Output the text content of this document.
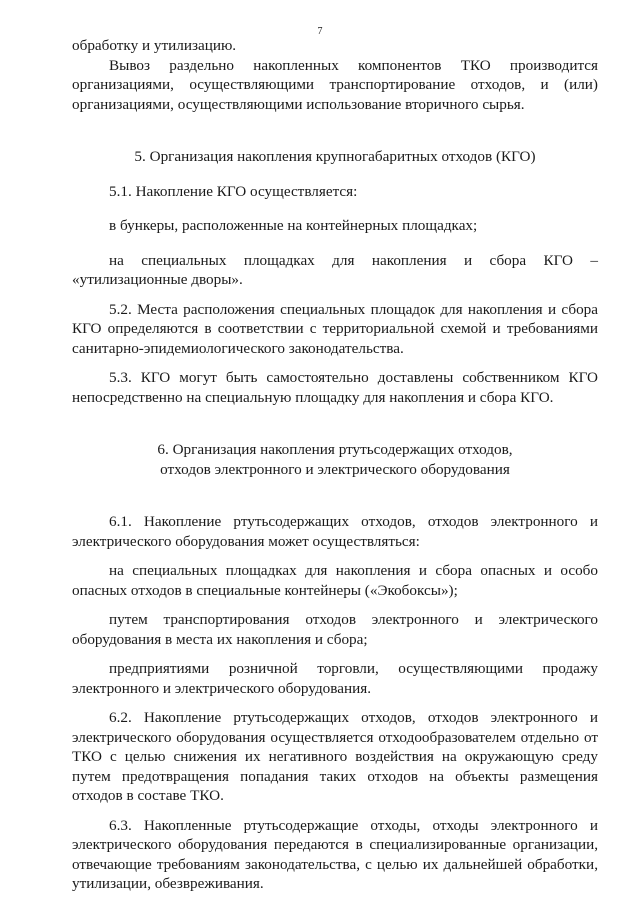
7

обработку и утилизацию.

Вывоз раздельно накопленных компонентов ТКО производится организациями, осуществляющими транспортирование отходов, и (или) организациями, осуществляющими использование вторичного сырья.

5. Организация накопления крупногабаритных отходов (КГО)

5.1. Накопление КГО осуществляется:

в бункеры, расположенные на контейнерных площадках;

на специальных площадках для накопления и сбора КГО – «утилизационные дворы».

5.2. Места расположения специальных площадок для накопления и сбора КГО определяются в соответствии с территориальной схемой и требованиями санитарно-эпидемиологического законодательства.

5.3. КГО могут быть самостоятельно доставлены собственником КГО непосредственно на специальную площадку для накопления и сбора КГО.

6. Организация накопления ртутьсодержащих отходов, отходов электронного и электрического оборудования

6.1. Накопление ртутьсодержащих отходов, отходов электронного и электрического оборудования может осуществляться:

на специальных площадках для накопления и сбора опасных и особо опасных отходов в специальные контейнеры («Экобоксы»);

путем транспортирования отходов электронного и электрического оборудования в места их накопления и сбора;

предприятиями розничной торговли, осуществляющими продажу электронного и электрического оборудования.

6.2. Накопление ртутьсодержащих отходов, отходов электронного и электрического оборудования осуществляется отходообразователем отдельно от ТКО с целью снижения их негативного воздействия на окружающую среду путем предотвращения попадания таких отходов на объекты размещения отходов в составе ТКО.

6.3. Накопленные ртутьсодержащие отходы, отходы электронного и электрического оборудования передаются в специализированные организации, отвечающие требованиям законодательства, с целью их дальнейшей обработки, утилизации, обезвреживания.
